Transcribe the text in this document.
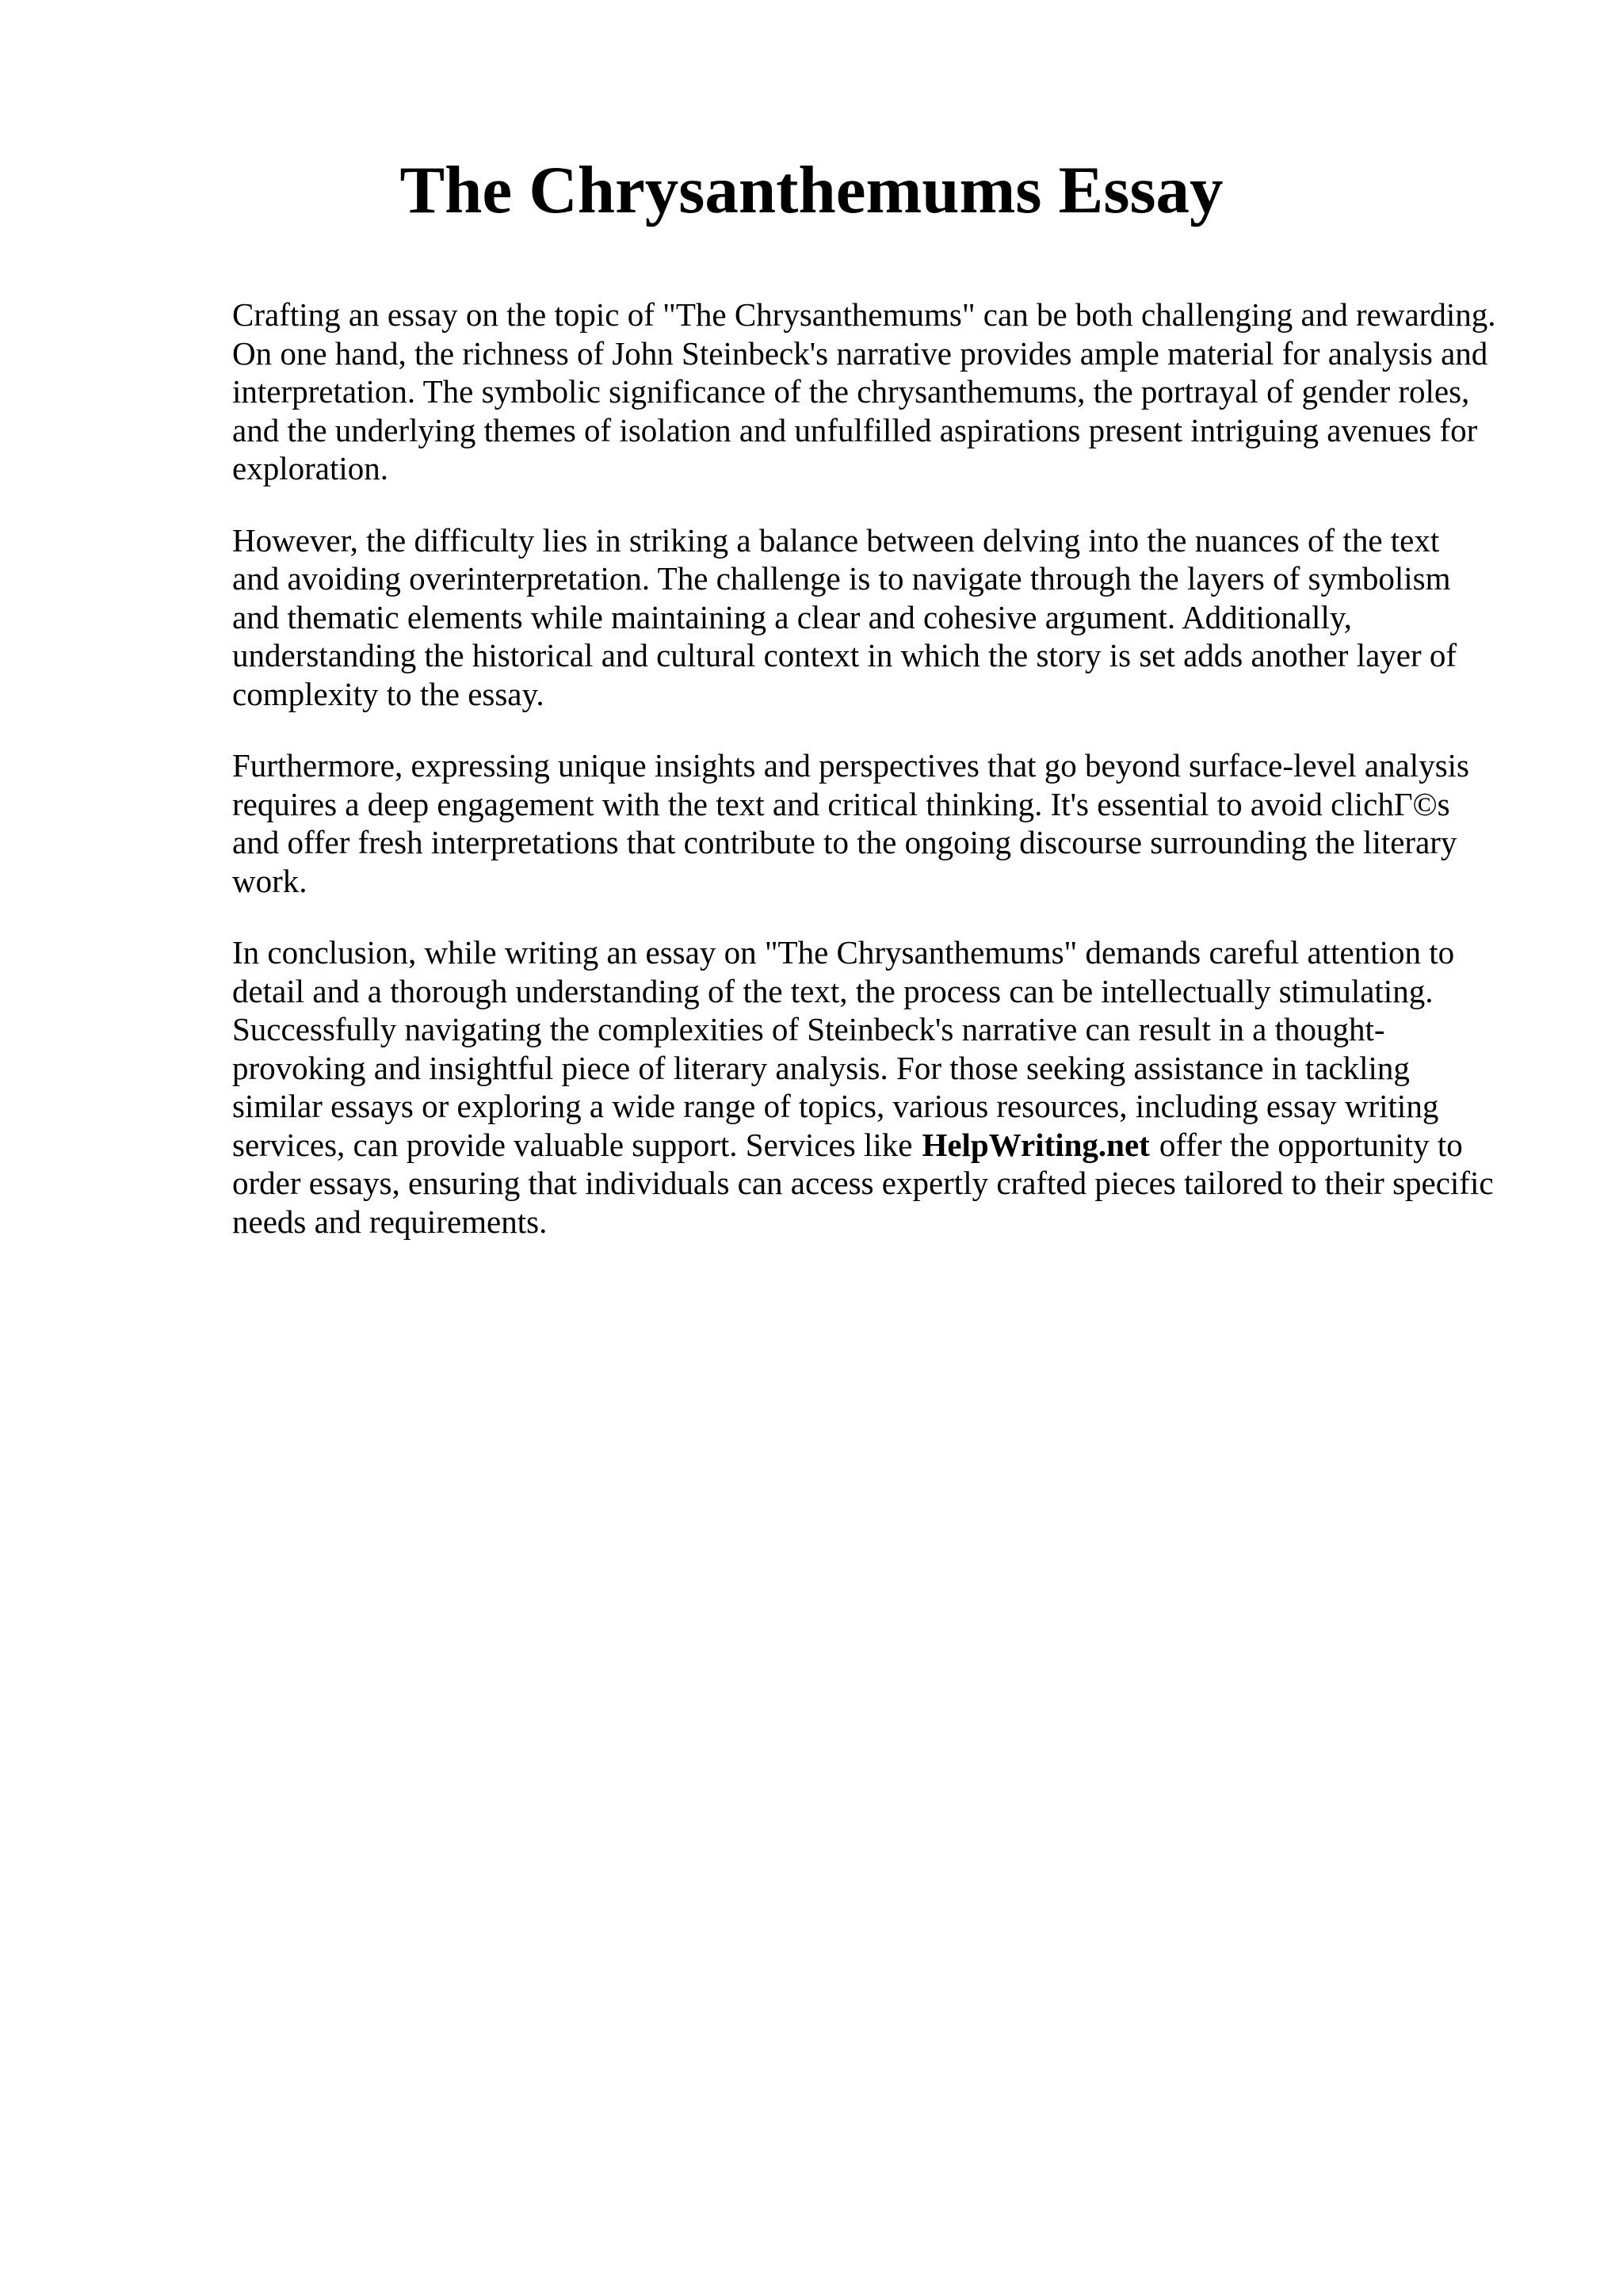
The Chrysanthemums Essay

Crafting an essay on the topic of "The Chrysanthemums" can be both challenging and rewarding.
On one hand, the richness of John Steinbeck's narrative provides ample material for analysis and
interpretation. The symbolic significance of the chrysanthemums, the portrayal of gender roles,
and the underlying themes of isolation and unfulfilled aspirations present intriguing avenues for
exploration.

However, the difficulty lies in striking a balance between delving into the nuances of the text
and avoiding overinterpretation. The challenge is to navigate through the layers of symbolism
and thematic elements while maintaining a clear and cohesive argument. Additionally,
understanding the historical and cultural context in which the story is set adds another layer of
complexity to the essay.

Furthermore, expressing unique insights and perspectives that go beyond surface-level analysis
requires a deep engagement with the text and critical thinking. It's essential to avoid clichΓ©s
and offer fresh interpretations that contribute to the ongoing discourse surrounding the literary
work.

In conclusion, while writing an essay on "The Chrysanthemums" demands careful attention to
detail and a thorough understanding of the text, the process can be intellectually stimulating.
Successfully navigating the complexities of Steinbeck's narrative can result in a thought-
provoking and insightful piece of literary analysis. For those seeking assistance in tackling
similar essays or exploring a wide range of topics, various resources, including essay writing
services, can provide valuable support. Services like HelpWriting.net offer the opportunity to
order essays, ensuring that individuals can access expertly crafted pieces tailored to their specific
needs and requirements.
